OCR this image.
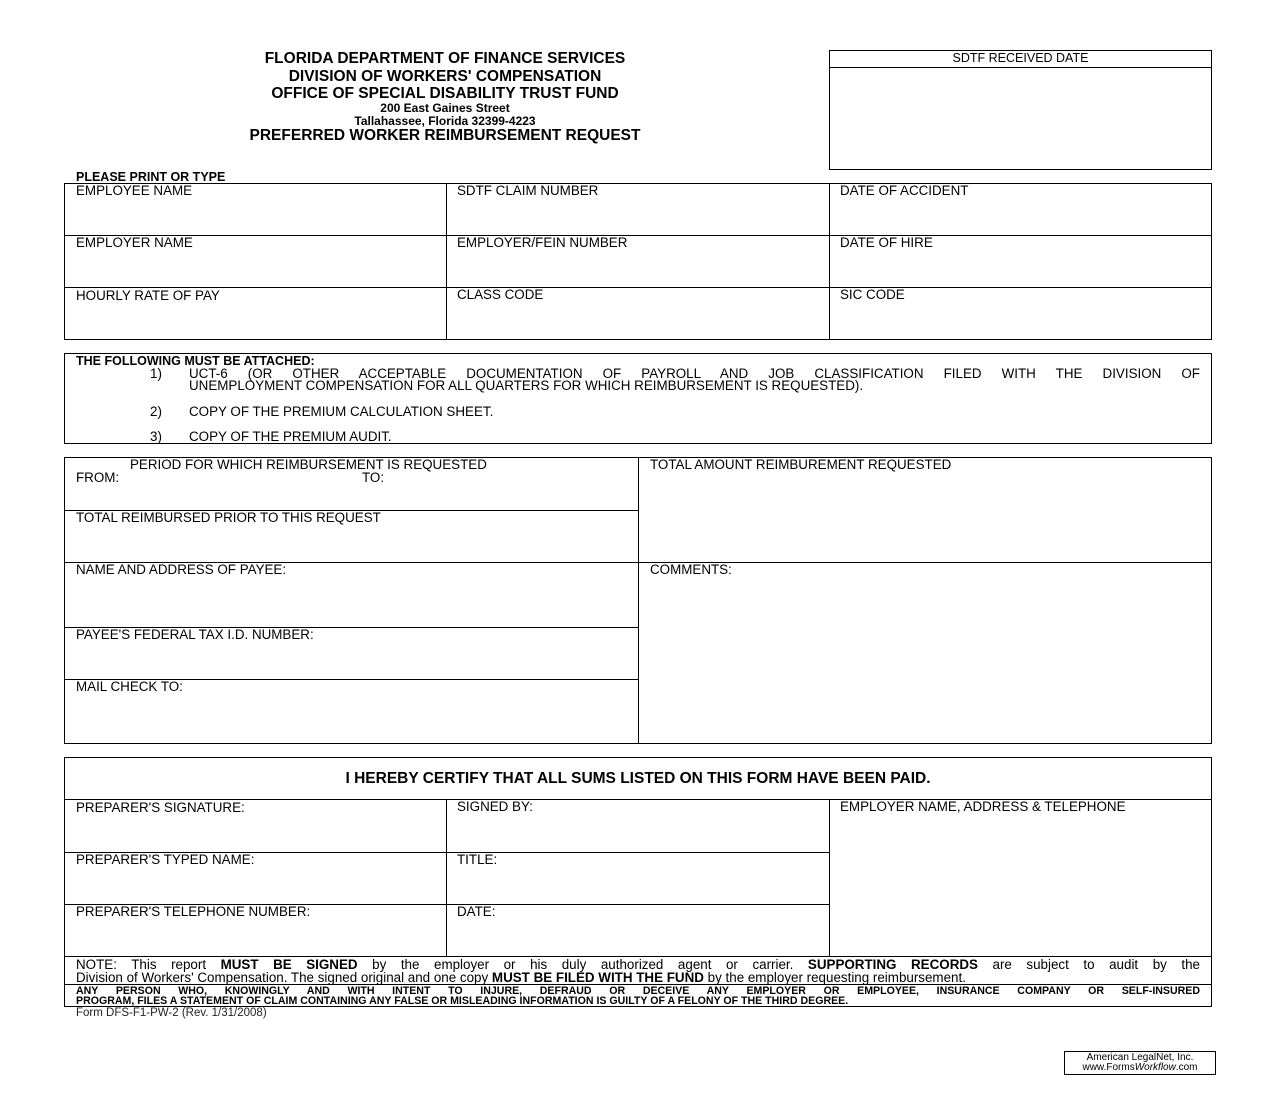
FLORIDA DEPARTMENT OF FINANCE SERVICES
DIVISION OF WORKERS' COMPENSATION
OFFICE OF SPECIAL DISABILITY TRUST FUND
200 East Gaines Street
Tallahassee, Florida 32399-4223
PREFERRED WORKER REIMBURSEMENT REQUEST
SDTF RECEIVED DATE
PLEASE PRINT OR TYPE
EMPLOYEE NAME	SDTF CLAIM NUMBER	DATE OF ACCIDENT
EMPLOYER NAME	EMPLOYER/FEIN NUMBER	DATE OF HIRE
HOURLY RATE OF PAY	CLASS CODE	SIC CODE
THE FOLLOWING MUST BE ATTACHED:
1) UCT-6 (OR OTHER ACCEPTABLE DOCUMENTATION OF PAYROLL AND JOB CLASSIFICATION FILED WITH THE DIVISION OF
UNEMPLOYMENT COMPENSATION FOR ALL QUARTERS FOR WHICH REIMBURSEMENT IS REQUESTED).
2) COPY OF THE PREMIUM CALCULATION SHEET.
3) COPY OF THE PREMIUM AUDIT.
PERIOD FOR WHICH REIMBURSEMENT IS REQUESTED
FROM:	TO:
TOTAL AMOUNT REIMBUREMENT REQUESTED
TOTAL REIMBURSED PRIOR TO THIS REQUEST
NAME AND ADDRESS OF PAYEE:	COMMENTS:
PAYEE'S FEDERAL TAX I.D. NUMBER:
MAIL CHECK TO:
I HEREBY CERTIFY THAT ALL SUMS LISTED ON THIS FORM HAVE BEEN PAID.
PREPARER'S SIGNATURE:	SIGNED BY:	EMPLOYER NAME, ADDRESS & TELEPHONE
PREPARER'S TYPED NAME:	TITLE:
PREPARER'S TELEPHONE NUMBER:	DATE:
NOTE: This report MUST BE SIGNED by the employer or his duly authorized agent or carrier. SUPPORTING RECORDS are subject to audit by the
Division of Workers' Compensation. The signed original and one copy MUST BE FILED WITH THE FUND by the employer requesting reimbursement.
ANY PERSON WHO, KNOWINGLY AND WITH INTENT TO INJURE, DEFRAUD OR DECEIVE ANY EMPLOYER OR EMPLOYEE, INSURANCE COMPANY OR SELF-INSURED
PROGRAM, FILES A STATEMENT OF CLAIM CONTAINING ANY FALSE OR MISLEADING INFORMATION IS GUILTY OF A FELONY OF THE THIRD DEGREE.
Form DFS-F1-PW-2 (Rev. 1/31/2008)
American LegalNet, Inc.
www.FormsWorkflow.com
